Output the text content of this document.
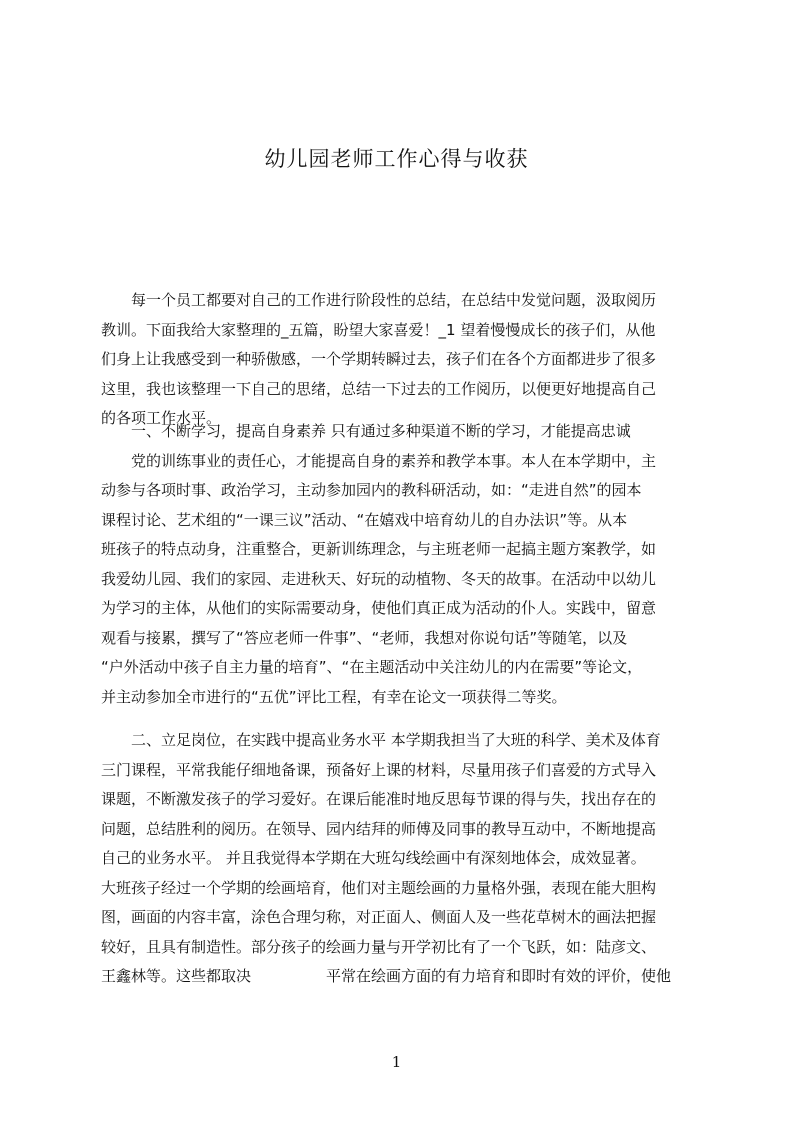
幼儿园老师工作心得与收获
　　每一个员工都要对自己的工作进行阶段性的总结，在总结中发觉问题，汲取阅历
教训。下面我给大家整理的_五篇，盼望大家喜爱！_1 望着慢慢成长的孩子们，从他
们身上让我感受到一种骄傲感，一个学期转瞬过去，孩子们在各个方面都进步了很多
这里，我也该整理一下自己的思绪，总结一下过去的工作阅历，以便更好地提高自己
的各项工作水平。
　　一、不断学习，提高自身素养 只有通过多种渠道不断的学习，才能提高忠诚
　　党的训练事业的责任心，才能提高自身的素养和教学本事。本人在本学期中，主
动参与各项时事、政治学习，主动参加园内的教科研活动，如：“走进自然”的园本
课程讨论、艺术组的“一课三议”活动、“在嬉戏中培育幼儿的自办法识”等。从本
班孩子的特点动身，注重整合，更新训练理念，与主班老师一起搞主题方案教学，如
我爱幼儿园、我们的家园、走进秋天、好玩的动植物、冬天的故事。在活动中以幼儿
为学习的主体，从他们的实际需要动身，使他们真正成为活动的仆人。实践中，留意
观看与接累，撰写了“答应老师一件事”、“老师，我想对你说句话”等随笔，以及
“户外活动中孩子自主力量的培育”、“在主题活动中关注幼儿的内在需要”等论文，
并主动参加全市进行的“五优”评比工程，有幸在论文一项获得二等奖。
　　二、立足岗位，在实践中提高业务水平 本学期我担当了大班的科学、美术及体育
三门课程，平常我能仔细地备课，预备好上课的材料，尽量用孩子们喜爱的方式导入
课题，不断激发孩子的学习爱好。在课后能准时地反思每节课的得与失，找出存在的
问题，总结胜利的阅历。在领导、园内结拜的师傅及同事的教导互动中，不断地提高
自己的业务水平。 并且我觉得本学期在大班勾线绘画中有深刻地体会，成效显著。
大班孩子经过一个学期的绘画培育，他们对主题绘画的力量格外强，表现在能大胆构
图，画面的内容丰富，涂色合理匀称，对正面人、侧面人及一些花草树木的画法把握
较好，且具有制造性。部分孩子的绘画力量与开学初比有了一个飞跃，如：陆彦文、
王鑫林等。这些都取决　　　　　平常在绘画方面的有力培育和即时有效的评价，使他
1
